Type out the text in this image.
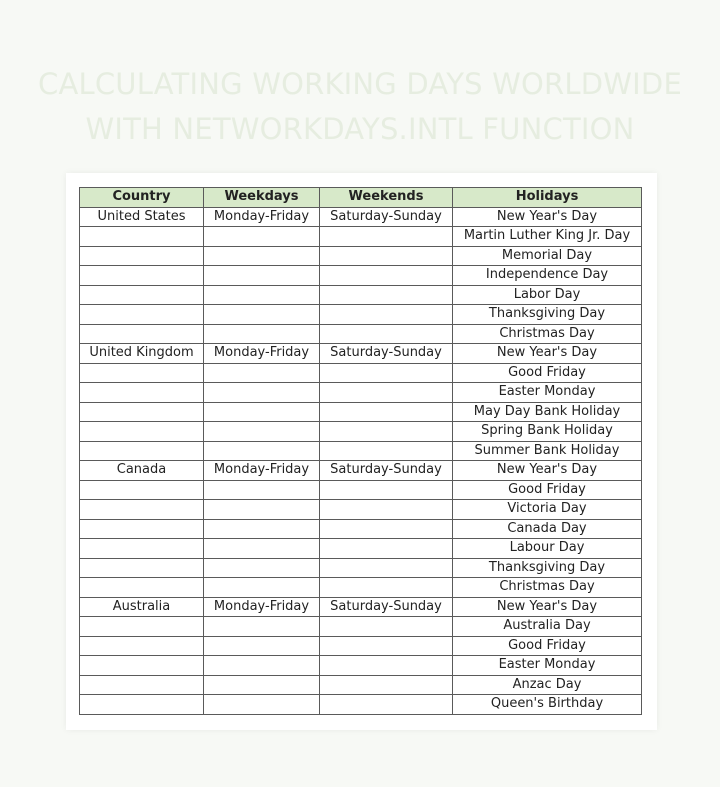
CALCULATING WORKING DAYS WORLDWIDE
WITH NETWORKDAYS.INTL FUNCTION
Country	Weekdays	Weekends	Holidays
United States	Monday-Friday	Saturday-Sunday	New Year's Day
			Martin Luther King Jr. Day
			Memorial Day
			Independence Day
			Labor Day
			Thanksgiving Day
			Christmas Day
United Kingdom	Monday-Friday	Saturday-Sunday	New Year's Day
			Good Friday
			Easter Monday
			May Day Bank Holiday
			Spring Bank Holiday
			Summer Bank Holiday
Canada	Monday-Friday	Saturday-Sunday	New Year's Day
			Good Friday
			Victoria Day
			Canada Day
			Labour Day
			Thanksgiving Day
			Christmas Day
Australia	Monday-Friday	Saturday-Sunday	New Year's Day
			Australia Day
			Good Friday
			Easter Monday
			Anzac Day
			Queen's Birthday
